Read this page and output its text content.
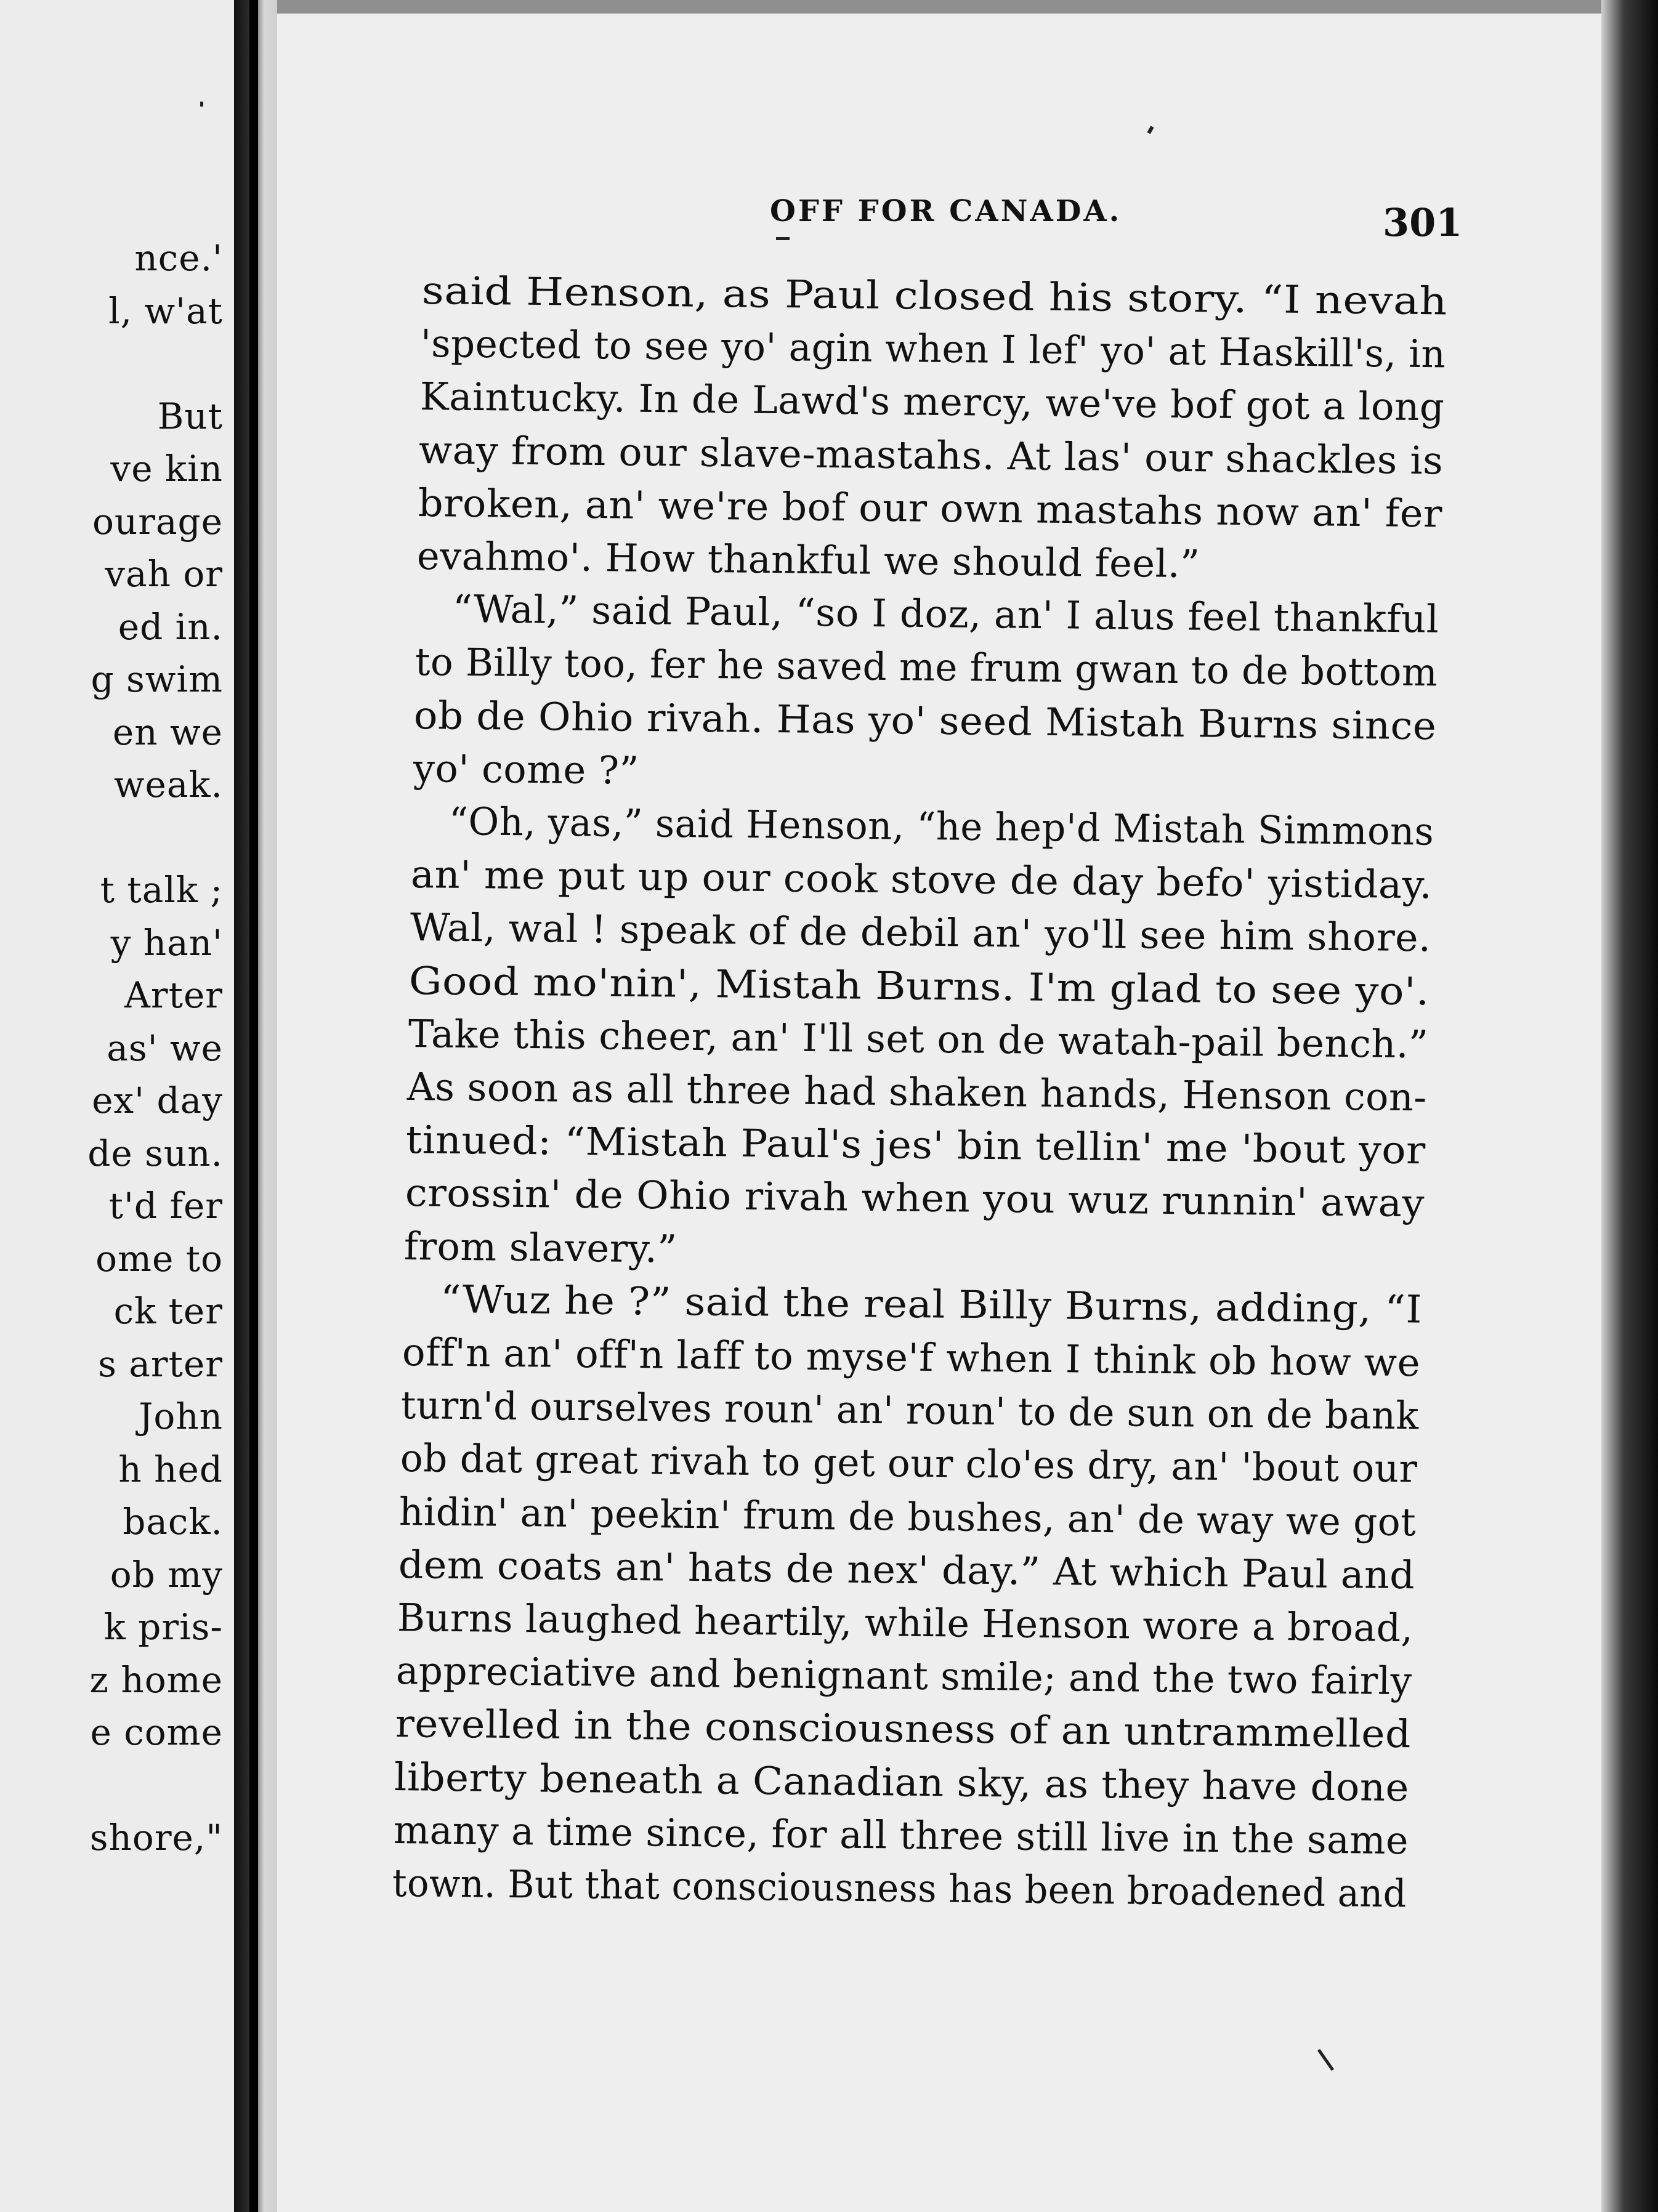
nce.'
l, w'at
But
ve kin
ourage
vah or
ed in.
g swim
en we
weak.
t talk ;
y han'
Arter
as' we
ex' day
de sun.
t'd fer
ome to
ck ter
s arter
John
h hed
back.
ob my
k pris-
z home
e come
shore,"
OFF FOR CANADA.	301
said Henson, as Paul closed his story. “I nevah
'spected to see yo' agin when I lef' yo' at Haskill's, in
Kaintucky. In de Lawd's mercy, we've bof got a long
way from our slave-mastahs. At las' our shackles is
broken, an' we're bof our own mastahs now an' fer
evahmo'. How thankful we should feel.”
“Wal,” said Paul, “so I doz, an' I alus feel thankful
to Billy too, fer he saved me frum gwan to de bottom
ob de Ohio rivah. Has yo' seed Mistah Burns since
yo' come ?”
“Oh, yas,” said Henson, “he hep'd Mistah Simmons
an' me put up our cook stove de day befo' yistiday.
Wal, wal ! speak of de debil an' yo'll see him shore.
Good mo'nin', Mistah Burns. I'm glad to see yo'.
Take this cheer, an' I'll set on de watah-pail bench.”
As soon as all three had shaken hands, Henson con-
tinued: “Mistah Paul's jes' bin tellin' me 'bout yor
crossin' de Ohio rivah when you wuz runnin' away
from slavery.”
“Wuz he ?” said the real Billy Burns, adding, “I
off'n an' off'n laff to myse'f when I think ob how we
turn'd ourselves roun' an' roun' to de sun on de bank
ob dat great rivah to get our clo'es dry, an' 'bout our
hidin' an' peekin' frum de bushes, an' de way we got
dem coats an' hats de nex' day.” At which Paul and
Burns laughed heartily, while Henson wore a broad,
appreciative and benignant smile; and the two fairly
revelled in the consciousness of an untrammelled
liberty beneath a Canadian sky, as they have done
many a time since, for all three still live in the same
town. But that consciousness has been broadened and
